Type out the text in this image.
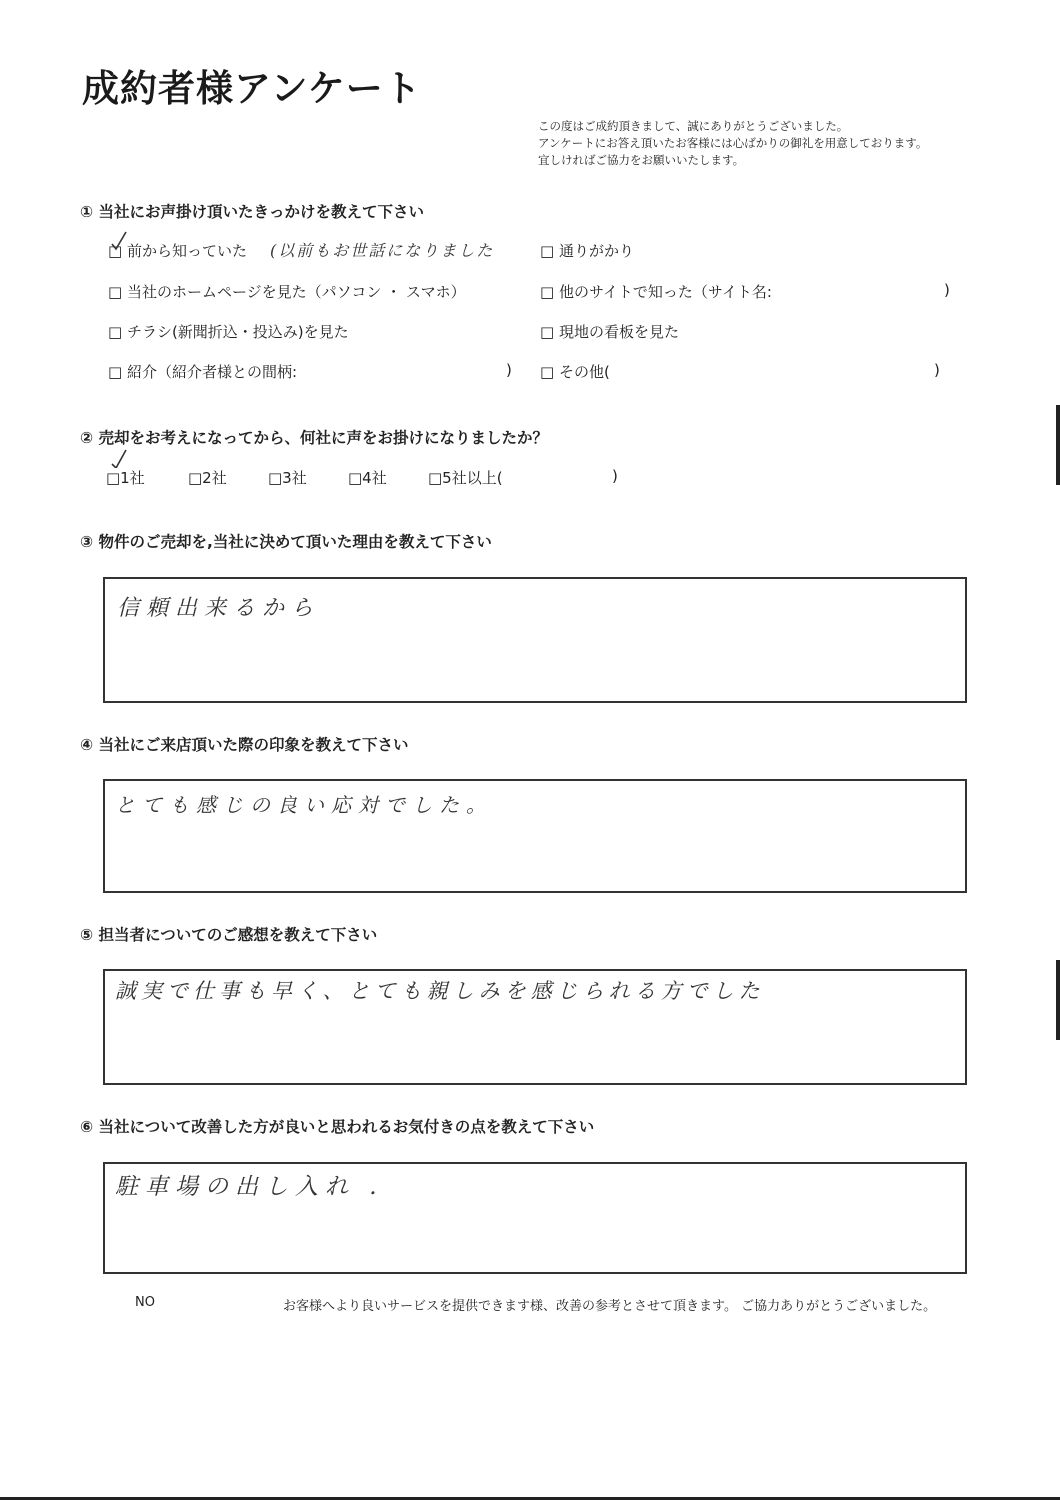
成約者様アンケート
この度はご成約頂きまして、誠にありがとうございました。
アンケートにお答え頂いたお客様には心ばかりの御礼を用意しております。
宜しければご協力をお願いいたします。
① 当社にお声掛け頂いたきっかけを教えて下さい
□ 前から知っていた (以前もお世話になりました	□ 通りがかり
□ 当社のホームページを見た（パソコン ・ スマホ）	□ 他のサイトで知った（サイト名:	)
□ チラシ(新聞折込・投込み)を見た	□ 現地の看板を見た
□ 紹介（紹介者様との間柄:	) □ その他(	)
② 売却をお考えになってから、何社に声をお掛けになりましたか？
□1社	□2社	□3社	□4社	□5社以上(	)
③ 物件のご売却を,当社に決めて頂いた理由を教えて下さい
信頼出来るから
④ 当社にご来店頂いた際の印象を教えて下さい
とても感じの良い応対でした。
⑤ 担当者についてのご感想を教えて下さい
誠実で仕事も早く、とても親しみを感じられる方でした
⑥ 当社について改善した方が良いと思われるお気付きの点を教えて下さい
駐車場の出し入れ .
NO	お客様へより良いサービスを提供できます様、改善の参考とさせて頂きます。 ご協力ありがとうございました。
